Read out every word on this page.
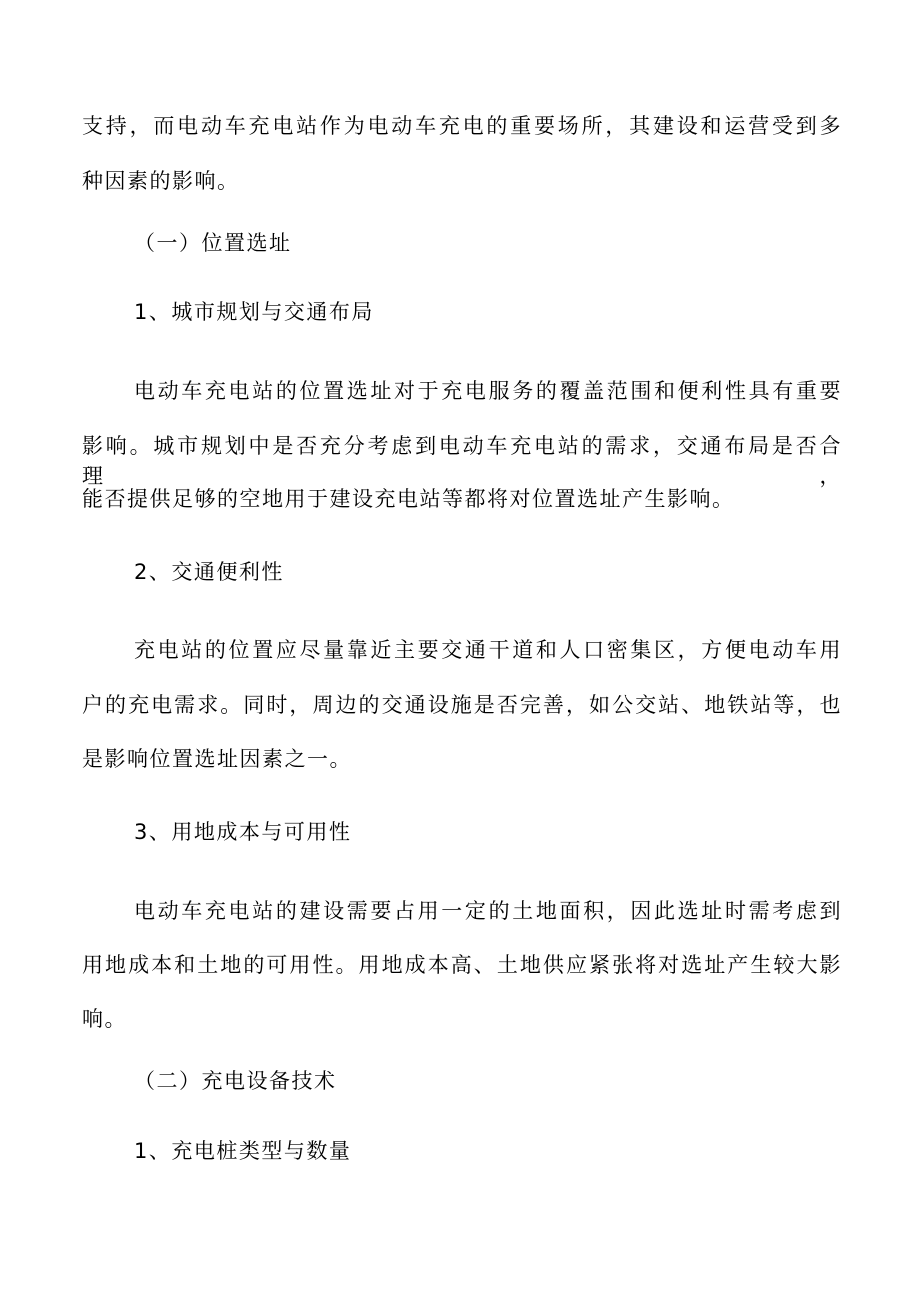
支持，而电动车充电站作为电动车充电的重要场所，其建设和运营受到多
种因素的影响。
（一）位置选址
1、城市规划与交通布局
电动车充电站的位置选址对于充电服务的覆盖范围和便利性具有重要
影响。城市规划中是否充分考虑到电动车充电站的需求，交通布局是否合理，
能否提供足够的空地用于建设充电站等都将对位置选址产生影响。
2、交通便利性
充电站的位置应尽量靠近主要交通干道和人口密集区，方便电动车用
户的充电需求。同时，周边的交通设施是否完善，如公交站、地铁站等，也
是影响位置选址因素之一。
3、用地成本与可用性
电动车充电站的建设需要占用一定的土地面积，因此选址时需考虑到
用地成本和土地的可用性。用地成本高、土地供应紧张将对选址产生较大影
响。
（二）充电设备技术
1、充电桩类型与数量
